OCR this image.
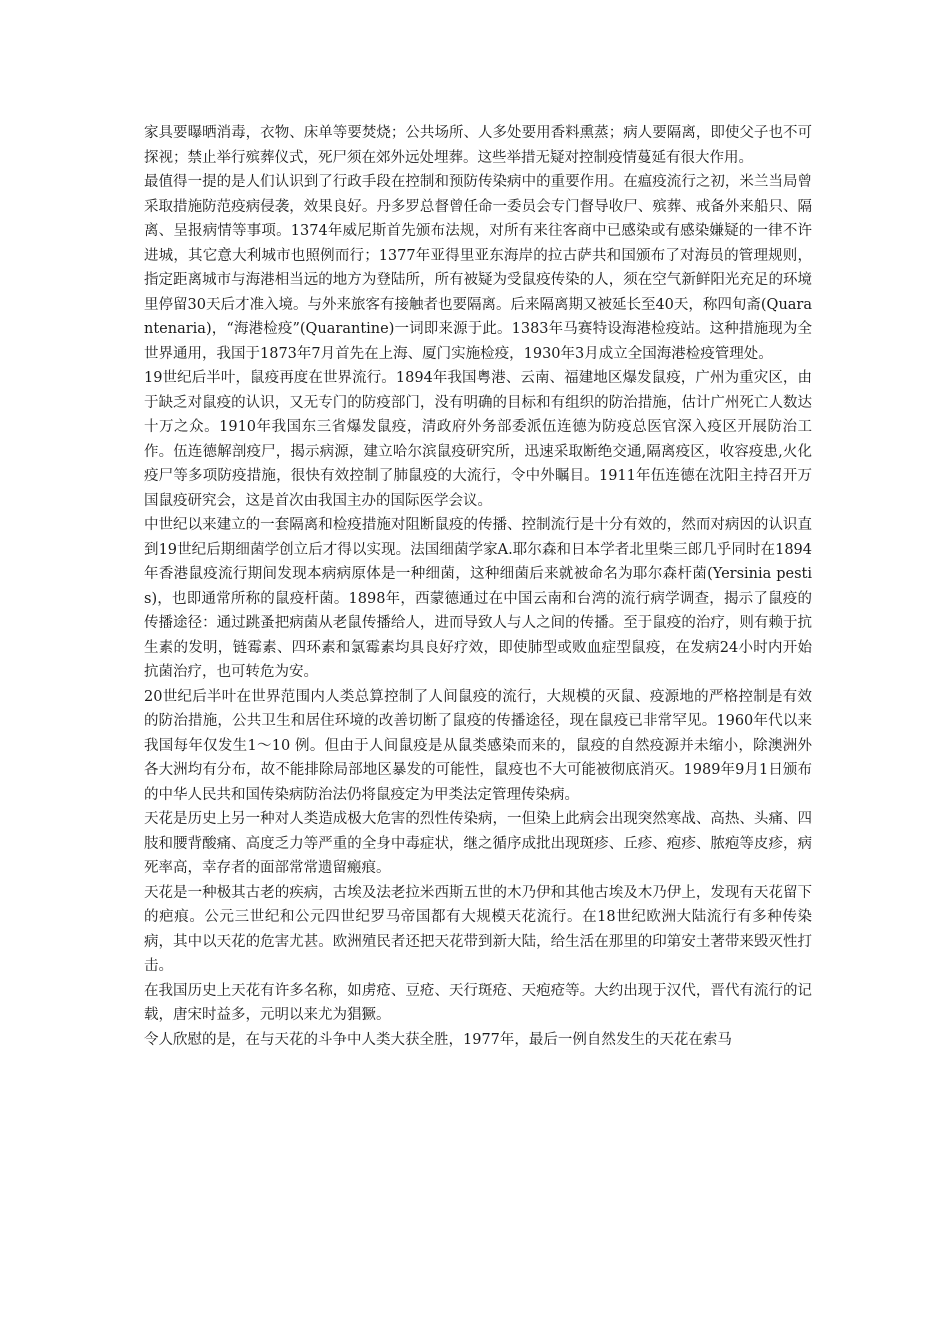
家具要曝晒消毒，衣物、床单等要焚烧；公共场所、人多处要用香料熏蒸；病人要隔离，即使父子也不可探视；禁止举行殡葬仪式，死尸须在郊外远处埋葬。这些举措无疑对控制疫情蔓延有很大作用。

最值得一提的是人们认识到了行政手段在控制和预防传染病中的重要作用。在瘟疫流行之初，米兰当局曾采取措施防范疫病侵袭，效果良好。丹多罗总督曾任命一委员会专门督导收尸、殡葬、戒备外来船只、隔离、呈报病情等事项。1374年威尼斯首先颁布法规，对所有来往客商中已感染或有感染嫌疑的一律不许进城，其它意大利城市也照例而行；1377年亚得里亚东海岸的拉古萨共和国颁布了对海员的管理规则，指定距离城市与海港相当远的地方为登陆所，所有被疑为受鼠疫传染的人，须在空气新鲜阳光充足的环境里停留30天后才准入境。与外来旅客有接触者也要隔离。后来隔离期又被延长至40天，称四旬斋(Quarantenaria)，“海港检疫”(Quarantine)一词即来源于此。1383年马赛特设海港检疫站。这种措施现为全世界通用，我国于1873年7月首先在上海、厦门实施检疫，1930年3月成立全国海港检疫管理处。

19世纪后半叶，鼠疫再度在世界流行。1894年我国粤港、云南、福建地区爆发鼠疫，广州为重灾区，由于缺乏对鼠疫的认识，又无专门的防疫部门，没有明确的目标和有组织的防治措施，估计广州死亡人数达十万之众。1910年我国东三省爆发鼠疫，清政府外务部委派伍连德为防疫总医官深入疫区开展防治工作。伍连德解剖疫尸，揭示病源，建立哈尔滨鼠疫研究所，迅速采取断绝交通,隔离疫区，收容疫患,火化疫尸等多项防疫措施，很快有效控制了肺鼠疫的大流行，令中外瞩目。1911年伍连德在沈阳主持召开万国鼠疫研究会，这是首次由我国主办的国际医学会议。

中世纪以来建立的一套隔离和检疫措施对阻断鼠疫的传播、控制流行是十分有效的，然而对病因的认识直到19世纪后期细菌学创立后才得以实现。法国细菌学家A.耶尔森和日本学者北里柴三郎几乎同时在1894年香港鼠疫流行期间发现本病病原体是一种细菌，这种细菌后来就被命名为耶尔森杆菌(Yersinia pestis)，也即通常所称的鼠疫杆菌。1898年，西蒙德通过在中国云南和台湾的流行病学调查，揭示了鼠疫的传播途径：通过跳蚤把病菌从老鼠传播给人，进而导致人与人之间的传播。至于鼠疫的治疗，则有赖于抗生素的发明，链霉素、四环素和氯霉素均具良好疗效，即使肺型或败血症型鼠疫，在发病24小时内开始抗菌治疗，也可转危为安。

20世纪后半叶在世界范围内人类总算控制了人间鼠疫的流行，大规模的灭鼠、疫源地的严格控制是有效的防治措施，公共卫生和居住环境的改善切断了鼠疫的传播途径，现在鼠疫已非常罕见。1960年代以来我国每年仅发生1～10 例。但由于人间鼠疫是从鼠类感染而来的，鼠疫的自然疫源并未缩小，除澳洲外各大洲均有分布，故不能排除局部地区暴发的可能性，鼠疫也不大可能被彻底消灭。1989年9月1日颁布的中华人民共和国传染病防治法仍将鼠疫定为甲类法定管理传染病。

天花是历史上另一种对人类造成极大危害的烈性传染病，一但染上此病会出现突然寒战、高热、头痛、四肢和腰背酸痛、高度乏力等严重的全身中毒症状，继之循序成批出现斑疹、丘疹、疱疹、脓疱等皮疹，病死率高，幸存者的面部常常遗留瘢痕。

天花是一种极其古老的疾病，古埃及法老拉米西斯五世的木乃伊和其他古埃及木乃伊上，发现有天花留下的疤痕。公元三世纪和公元四世纪罗马帝国都有大规模天花流行。在18世纪欧洲大陆流行有多种传染病，其中以天花的危害尤甚。欧洲殖民者还把天花带到新大陆，给生活在那里的印第安土著带来毁灭性打击。

在我国历史上天花有许多名称，如虏疮、豆疮、天行斑疮、天疱疮等。大约出现于汉代，晋代有流行的记载，唐宋时益多，元明以来尤为猖獗。

令人欣慰的是，在与天花的斗争中人类大获全胜，1977年，最后一例自然发生的天花在索马
